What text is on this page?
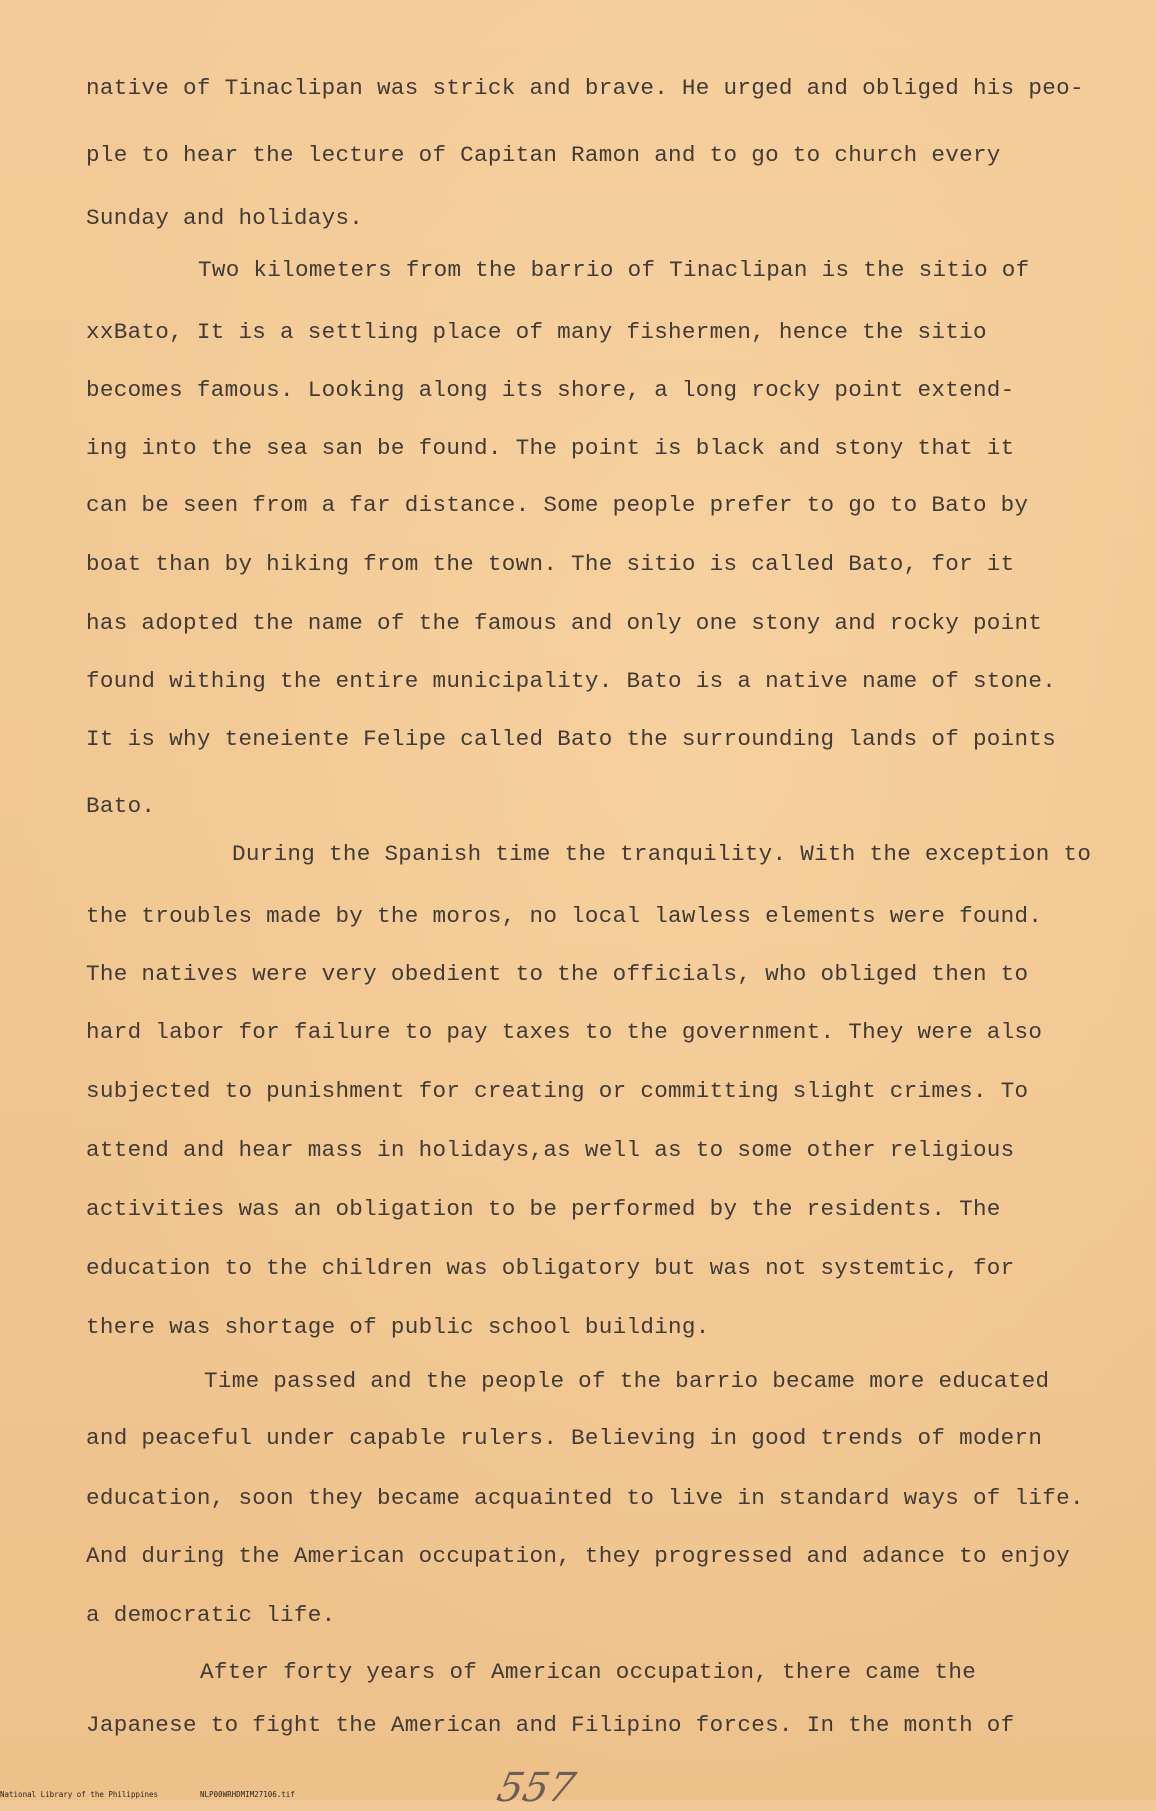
native of Tinaclipan was strick and brave. He urged and obliged his peo-

ple to hear the lecture of Capitan Ramon and to go to church every

Sunday and holidays.

Two kilometers from the barrio of Tinaclipan is the sitio of

xxBato, It is a settling place of many fishermen, hence the sitio

becomes famous. Looking along its shore, a long rocky point extend-

ing into the sea san be found. The point is black and stony that it

can be seen from a far distance. Some people prefer to go to Bato by

boat than by hiking from the town. The sitio is called Bato, for it

has adopted the name of the famous and only one stony and rocky point

found withing the entire municipality. Bato is a native name of stone.

It is why teneiente Felipe called Bato the surrounding lands of points

Bato.

During the Spanish time the tranquility. With the exception to

the troubles made by the moros, no local lawless elements were found.

The natives were very obedient to the officials, who obliged then to

hard labor for failure to pay taxes to the government. They were also

subjected to punishment for creating or committing slight crimes. To

attend and hear mass in holidays,as well as to some other religious

activities was an obligation to be performed by the residents. The

education to the children was obligatory but was not systemtic, for

there was shortage of public school building.

Time passed and the people of the barrio became more educated

and peaceful under capable rulers. Believing in good trends of modern

education, soon they became acquainted to live in standard ways of life.

And during the American occupation, they progressed and adance to enjoy

a democratic life.

After forty years of American occupation, there came the

Japanese to fight the American and Filipino forces. In the month of

557
National Library of the Philippines	NLP00WRHDMIM27106.tif
